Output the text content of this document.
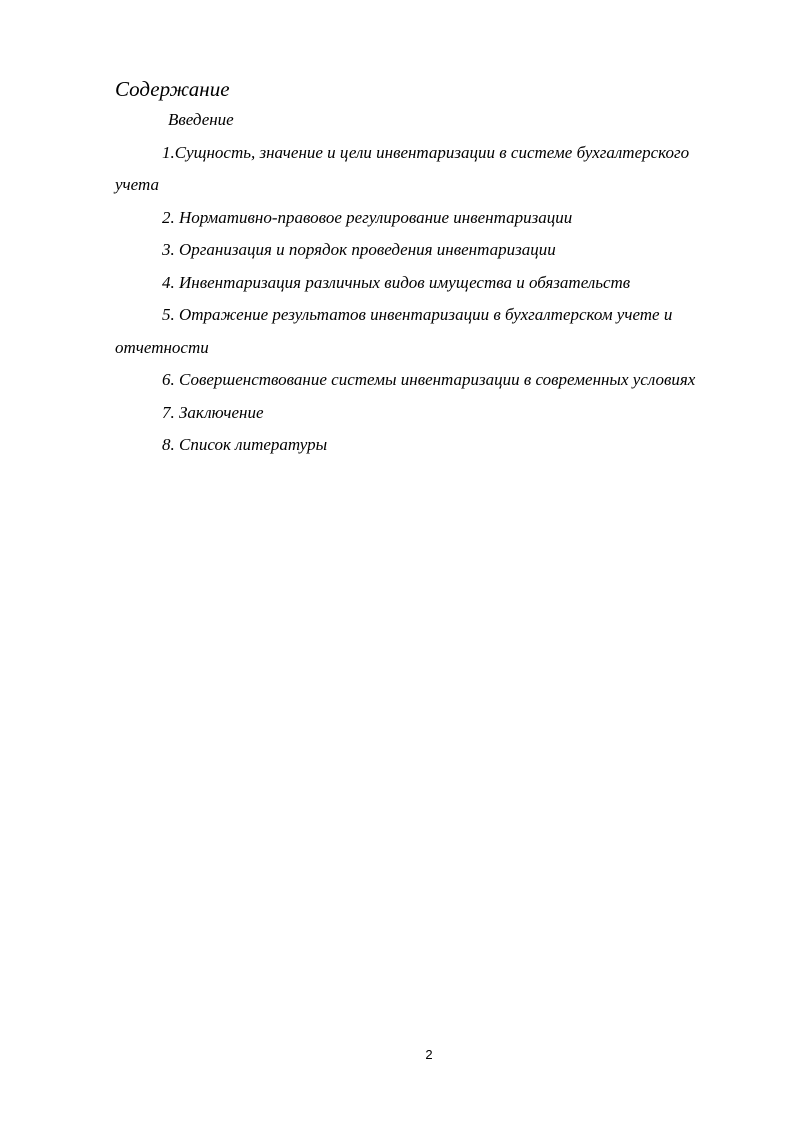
Содержание
Введение
1.Сущность, значение и цели инвентаризации в системе бухгалтерского учета
2. Нормативно-правовое регулирование инвентаризации
3. Организация и порядок проведения инвентаризации
4. Инвентаризация различных видов имущества и обязательств
5. Отражение результатов инвентаризации в бухгалтерском учете и отчетности
6. Совершенствование системы инвентаризации в современных условиях
7. Заключение
8. Список литературы
2
